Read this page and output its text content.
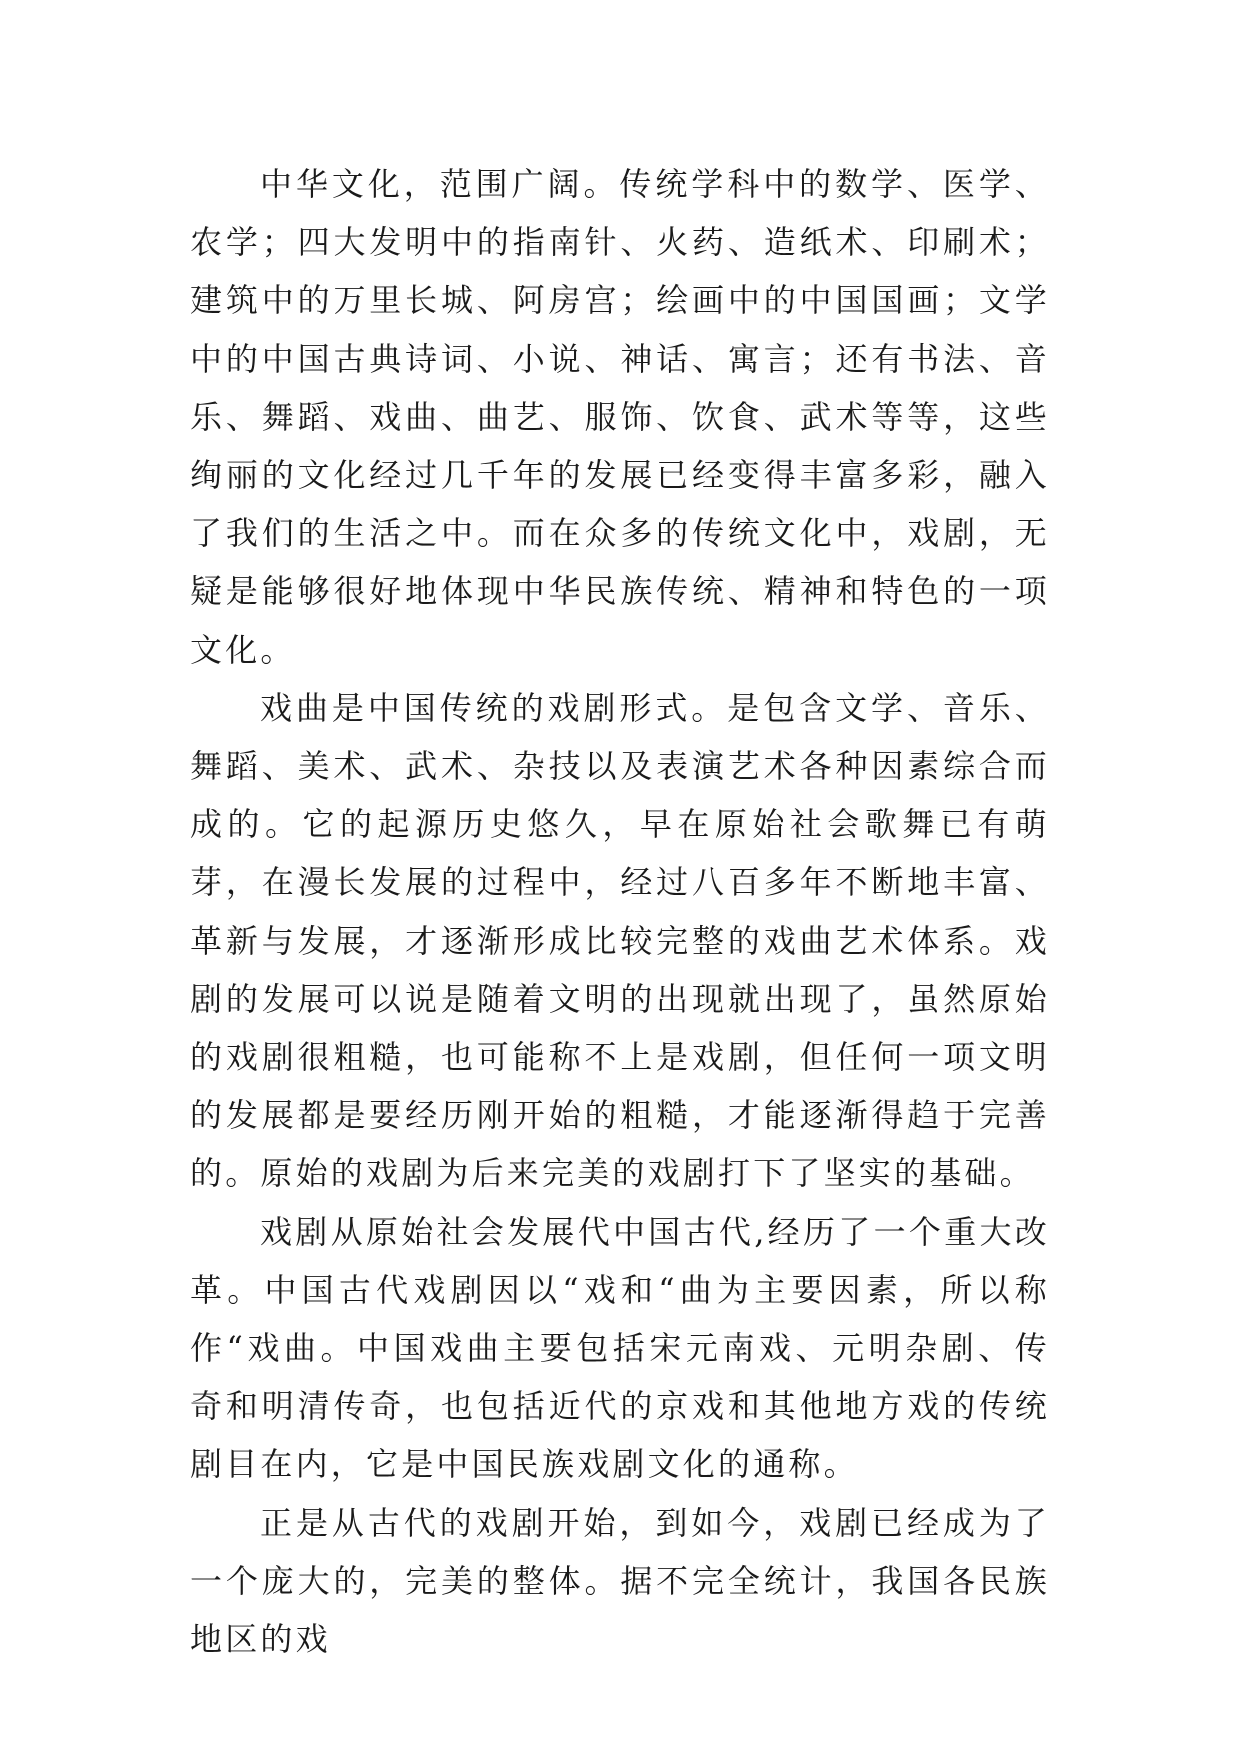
中华文化，范围广阔。传统学科中的数学、医学、农学；四大发明中的指南针、火药、造纸术、印刷术；建筑中的万里长城、阿房宫；绘画中的中国国画；文学中的中国古典诗词、小说、神话、寓言；还有书法、音乐、舞蹈、戏曲、曲艺、服饰、饮食、武术等等，这些绚丽的文化经过几千年的发展已经变得丰富多彩，融入了我们的生活之中。而在众多的传统文化中，戏剧，无疑是能够很好地体现中华民族传统、精神和特色的一项文化。

戏曲是中国传统的戏剧形式。是包含文学、音乐、舞蹈、美术、武术、杂技以及表演艺术各种因素综合而成的。它的起源历史悠久，早在原始社会歌舞已有萌芽，在漫长发展的过程中，经过八百多年不断地丰富、革新与发展，才逐渐形成比较完整的戏曲艺术体系。戏剧的发展可以说是随着文明的出现就出现了，虽然原始的戏剧很粗糙，也可能称不上是戏剧，但任何一项文明的发展都是要经历刚开始的粗糙，才能逐渐得趋于完善的。原始的戏剧为后来完美的戏剧打下了坚实的基础。

戏剧从原始社会发展代中国古代,经历了一个重大改革。中国古代戏剧因以“戏和“曲为主要因素，所以称作“戏曲。中国戏曲主要包括宋元南戏、元明杂剧、传奇和明清传奇，也包括近代的京戏和其他地方戏的传统剧目在内，它是中国民族戏剧文化的通称。

正是从古代的戏剧开始，到如今，戏剧已经成为了一个庞大的，完美的整体。据不完全统计，我国各民族地区的戏
